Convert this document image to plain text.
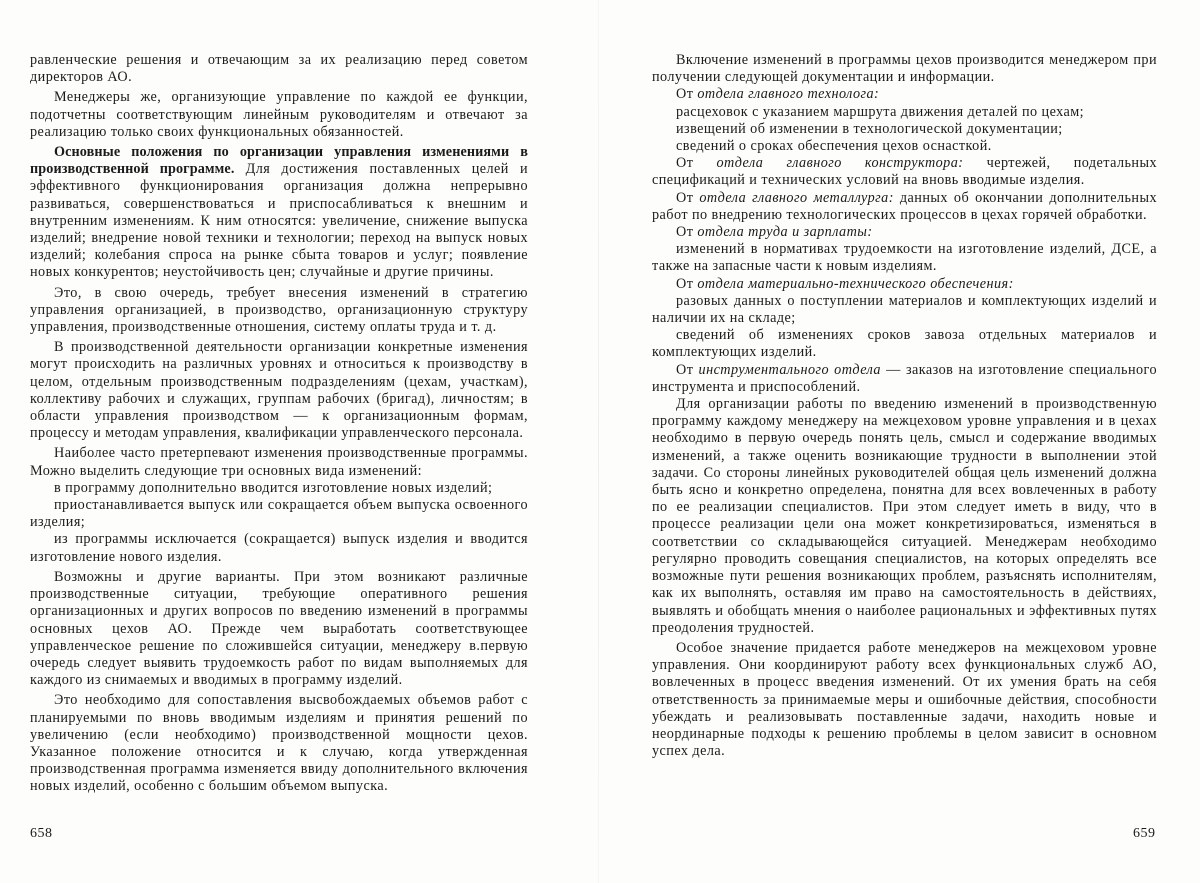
равленческие решения и отвечающим за их реализацию перед советом директоров АО.

Менеджеры же, организующие управление по каждой ее функции, подотчетны соответствующим линейным руководителям и отвечают за реализацию только своих функциональных обязанностей.

Основные положения по организации управления изменениями в производственной программе. Для достижения поставленных целей и эффективного функционирования организация должна непрерывно развиваться, совершенствоваться и приспосабливаться к внешним и внутренним изменениям. К ним относятся: увеличение, снижение выпуска изделий; внедрение новой техники и технологии; переход на выпуск новых изделий; колебания спроса на рынке сбыта товаров и услуг; появление новых конкурентов; неустойчивость цен; случайные и другие причины.

Это, в свою очередь, требует внесения изменений в стратегию управления организацией, в производство, организационную структуру управления, производственные отношения, систему оплаты труда и т. д.

В производственной деятельности организации конкретные изменения могут происходить на различных уровнях и относиться к производству в целом, отдельным производственным подразделениям (цехам, участкам), коллективу рабочих и служащих, группам рабочих (бригад), личностям; в области управления производством — к организационным формам, процессу и методам управления, квалификации управленческого персонала.

Наиболее часто претерпевают изменения производственные программы. Можно выделить следующие три основных вида изменений:

в программу дополнительно вводится изготовление новых изделий;

приостанавливается выпуск или сокращается объем выпуска освоенного изделия;

из программы исключается (сокращается) выпуск изделия и вводится изготовление нового изделия.

Возможны и другие варианты. При этом возникают различные производственные ситуации, требующие оперативного решения организационных и других вопросов по введению изменений в программы основных цехов АО. Прежде чем выработать соответствующее управленческое решение по сложившейся ситуации, менеджеру в.первую очередь следует выявить трудоемкость работ по видам выполняемых для каждого из снимаемых и вводимых в программу изделий.

Это необходимо для сопоставления высвобождаемых объемов работ с планируемыми по вновь вводимым изделиям и принятия решений по увеличению (если необходимо) производственной мощности цехов. Указанное положение относится и к случаю, когда утвержденная производственная программа изменяется ввиду дополнительного включения новых изделий, особенно с большим объемом выпуска.

658

Включение изменений в программы цехов производится менеджером при получении следующей документации и информации.

От отдела главного технолога:

расцеховок с указанием маршрута движения деталей по цехам;

извещений об изменении в технологической документации;

сведений о сроках обеспечения цехов оснасткой.

От отдела главного конструктора: чертежей, подетальных спецификаций и технических условий на вновь вводимые изделия.

От отдела главного металлурга: данных об окончании дополнительных работ по внедрению технологических процессов в цехах горячей обработки.

От отдела труда и зарплаты:

изменений в нормативах трудоемкости на изготовление изделий, ДСЕ, а также на запасные части к новым изделиям.

От отдела материально-технического обеспечения:

разовых данных о поступлении материалов и комплектующих изделий и наличии их на складе;

сведений об изменениях сроков завоза отдельных материалов и комплектующих изделий.

От инструментального отдела — заказов на изготовление специального инструмента и приспособлений.

Для организации работы по введению изменений в производственную программу каждому менеджеру на межцеховом уровне управления и в цехах необходимо в первую очередь понять цель, смысл и содержание вводимых изменений, а также оценить возникающие трудности в выполнении этой задачи. Со стороны линейных руководителей общая цель изменений должна быть ясно и конкретно определена, понятна для всех вовлеченных в работу по ее реализации специалистов. При этом следует иметь в виду, что в процессе реализации цели она может конкретизироваться, изменяться в соответствии со складывающейся ситуацией. Менеджерам необходимо регулярно проводить совещания специалистов, на которых определять все возможные пути решения возникающих проблем, разъяснять исполнителям, как их выполнять, оставляя им право на самостоятельность в действиях, выявлять и обобщать мнения о наиболее рациональных и эффективных путях преодоления трудностей.

Особое значение придается работе менеджеров на межцеховом уровне управления. Они координируют работу всех функциональных служб АО, вовлеченных в процесс введения изменений. От их умения брать на себя ответственность за принимаемые меры и ошибочные действия, способности убеждать и реализовывать поставленные задачи, находить новые и неординарные подходы к решению проблемы в целом зависит в основном успех дела.

659
